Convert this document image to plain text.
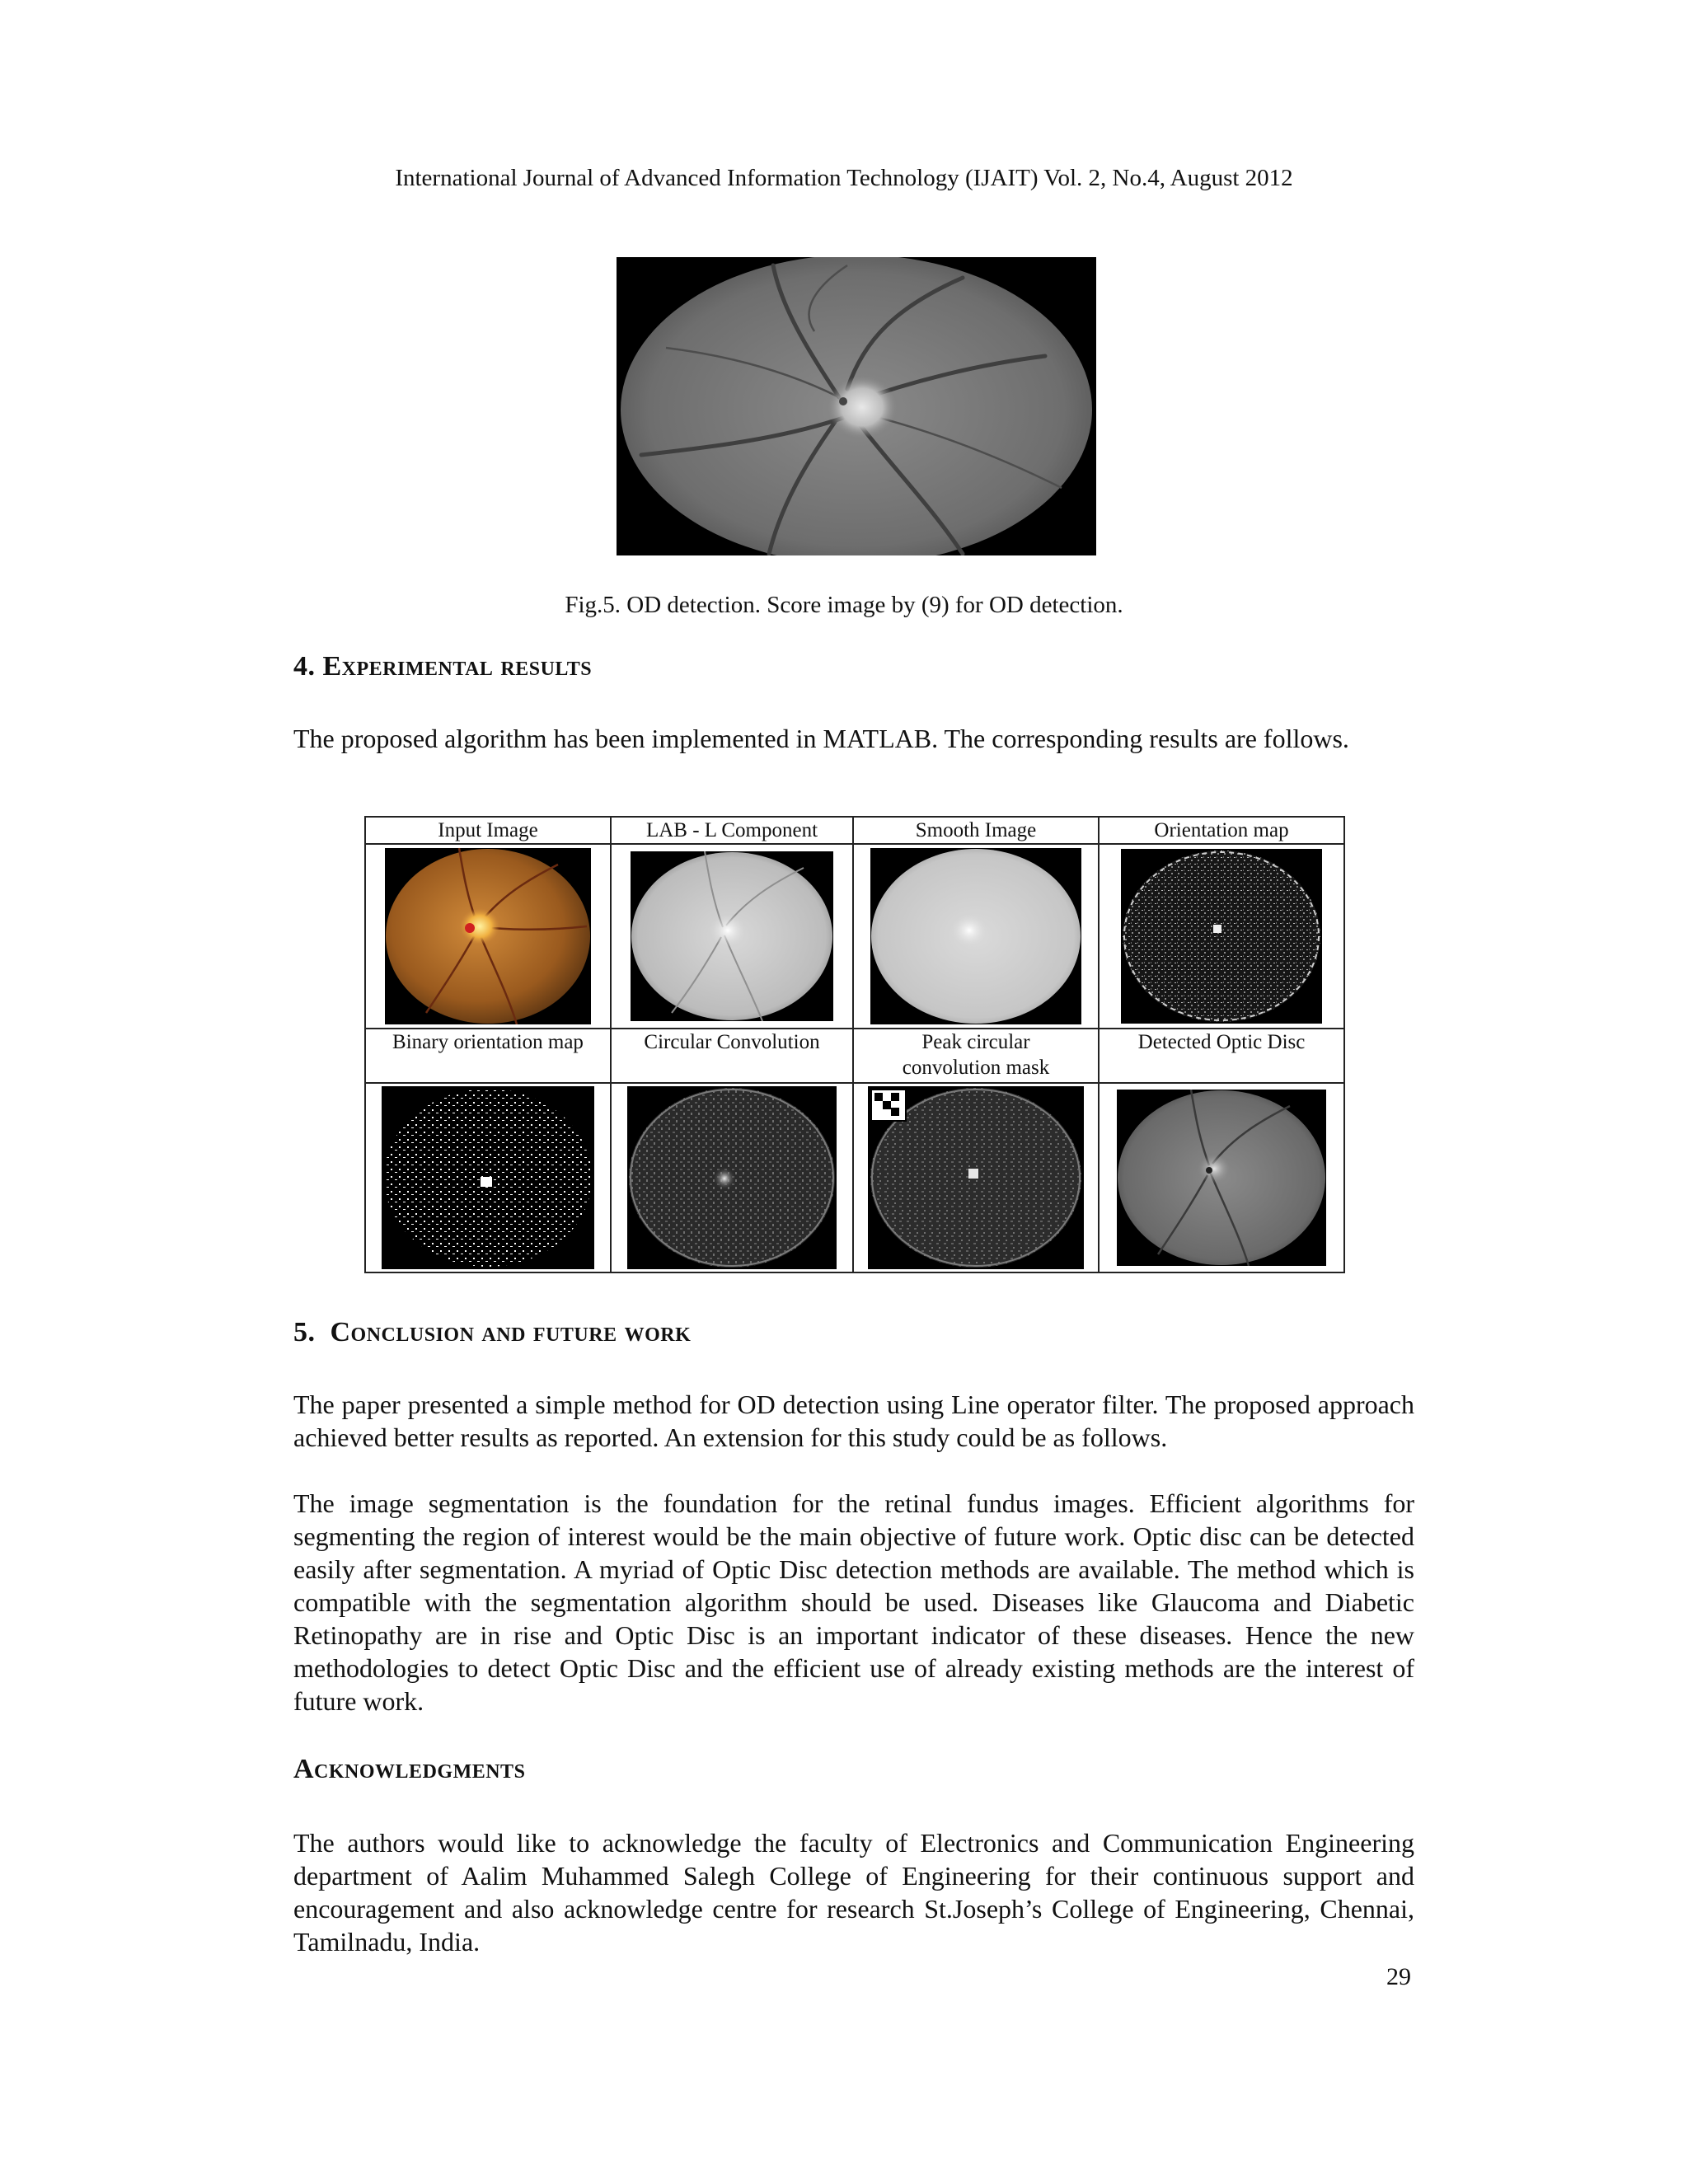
International Journal of Advanced Information Technology (IJAIT) Vol. 2, No.4, August 2012
Fig.5. OD detection. Score image by (9) for OD detection.
4. Experimental results
The proposed algorithm has been implemented in MATLAB. The corresponding results are follows.
Input Image	LAB - L Component	Smooth Image	Orientation map

Binary orientation map	Circular Convolution	Peak circular convolution mask	Detected Optic Disc

5. Conclusion and future work
The paper presented a simple method for OD detection using Line operator filter. The proposed approach achieved better results as reported. An extension for this study could be as follows.
The image segmentation is the foundation for the retinal fundus images. Efficient algorithms for segmenting the region of interest would be the main objective of future work. Optic disc can be detected easily after segmentation. A myriad of Optic Disc detection methods are available. The method which is compatible with the segmentation algorithm should be used. Diseases like Glaucoma and Diabetic Retinopathy are in rise and Optic Disc is an important indicator of these diseases. Hence the new methodologies to detect Optic Disc and the efficient use of already existing methods are the interest of future work.
Acknowledgments
The authors would like to acknowledge the faculty of Electronics and Communication Engineering department of Aalim Muhammed Salegh College of Engineering for their continuous support and encouragement and also acknowledge centre for research St.Joseph’s College of Engineering, Chennai, Tamilnadu, India.
29
